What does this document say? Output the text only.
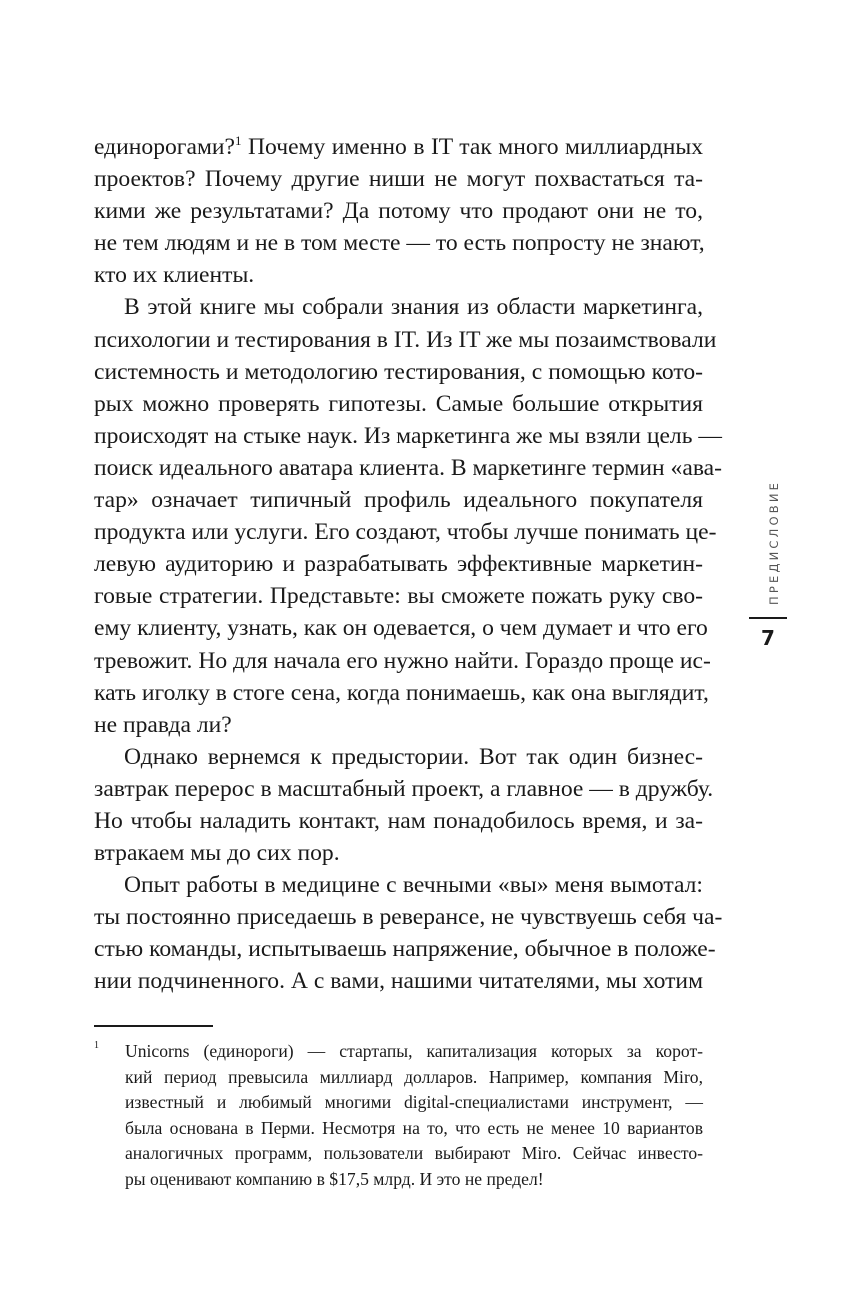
единорогами?$^1$ Почему именно в IT так много миллиардных
проектов? Почему другие ниши не могут похвастаться та-
кими же результатами? Да потому что продают они не то,
не тем людям и не в том месте — то есть попросту не знают,
кто их клиенты.
В этой книге мы собрали знания из области маркетинга,
психологии и тестирования в IT. Из IT же мы позаимствовали
системность и методологию тестирования, с помощью кото-
рых можно проверять гипотезы. Самые большие открытия
происходят на стыке наук. Из маркетинга же мы взяли цель —
поиск идеального аватара клиента. В маркетинге термин «ава-
тар» означает типичный профиль идеального покупателя
продукта или услуги. Его создают, чтобы лучше понимать це-
левую аудиторию и разрабатывать эффективные маркетин-
говые стратегии. Представьте: вы сможете пожать руку сво-
ему клиенту, узнать, как он одевается, о чем думает и что его
тревожит. Но для начала его нужно найти. Гораздо проще ис-
кать иголку в стоге сена, когда понимаешь, как она выглядит,
не правда ли?
Однако вернемся к предыстории. Вот так один бизнес-
завтрак перерос в масштабный проект, а главное — в дружбу.
Но чтобы наладить контакт, нам понадобилось время, и за-
втракаем мы до сих пор.
Опыт работы в медицине с вечными «вы» меня вымотал:
ты постоянно приседаешь в реверансе, не чувствуешь себя ча-
стью команды, испытываешь напряжение, обычное в положе-
нии подчиненного. А с вами, нашими читателями, мы хотим
1 Unicorns (единороги) — стартапы, капитализация которых за корот-
кий период превысила миллиард долларов. Например, компания Miro,
известный и любимый многими digital-специалистами инструмент, —
была основана в Перми. Несмотря на то, что есть не менее 10 вариантов
аналогичных программ, пользователи выбирают Miro. Сейчас инвесто-
ры оценивают компанию в $17,5 млрд. И это не предел!
ПРЕДИСЛОВИЕ
7
